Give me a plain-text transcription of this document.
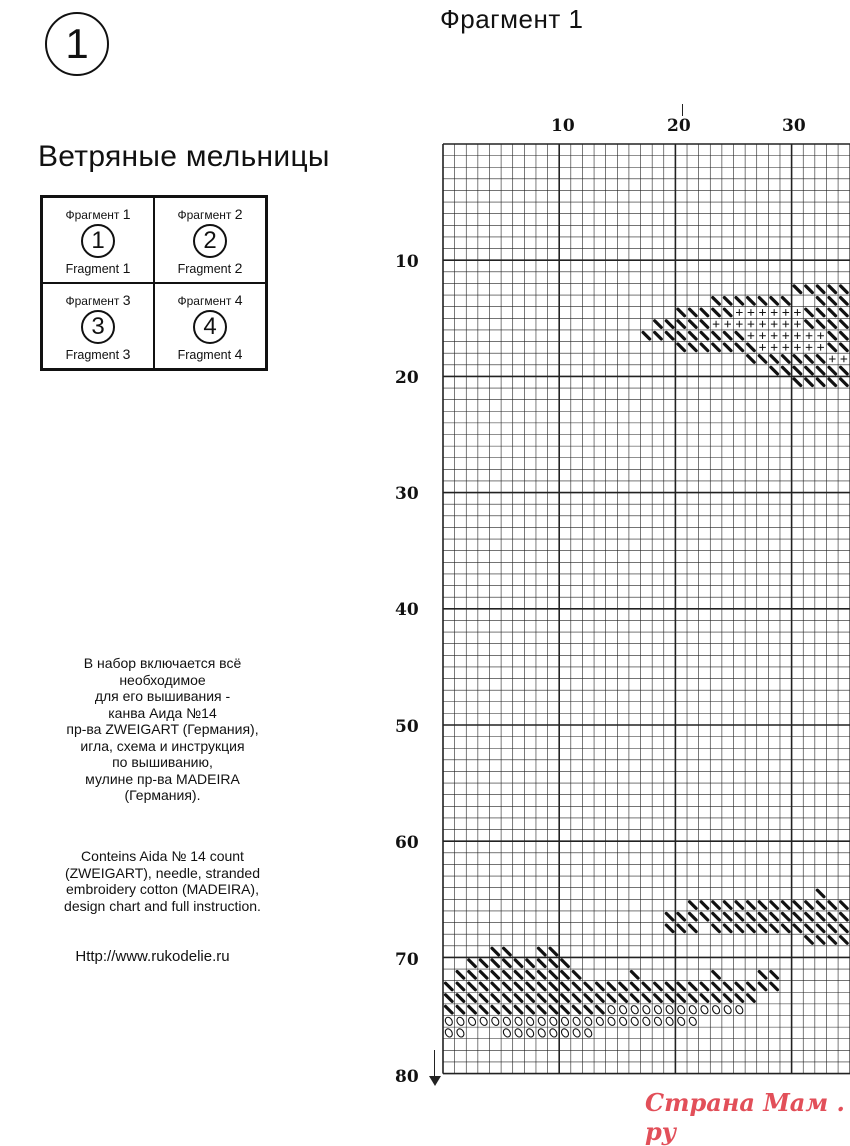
1
Фрагмент 1
Ветряные мельницы
Фрагмент 1
1
Fragment 1
Фрагмент 2
2
Fragment 2
Фрагмент 3
3
Fragment 3
Фрагмент 4
4
Fragment 4
В набор включается всё
необходимое
для его вышивания -
канва Аида №14
пр-ва ZWEIGART (Германия),
игла, схема и инструкция
по вышиванию,
мулине пр-ва MADEIRA
(Германия).
Conteins Aida № 14 count
(ZWEIGART), needle, stranded
embroidery cotton (MADEIRA),
design chart and full instruction.
Http://www.rukodelie.ru
10	20	30
10
20
30
40
50
60
70
80
Страна Мам . ру
